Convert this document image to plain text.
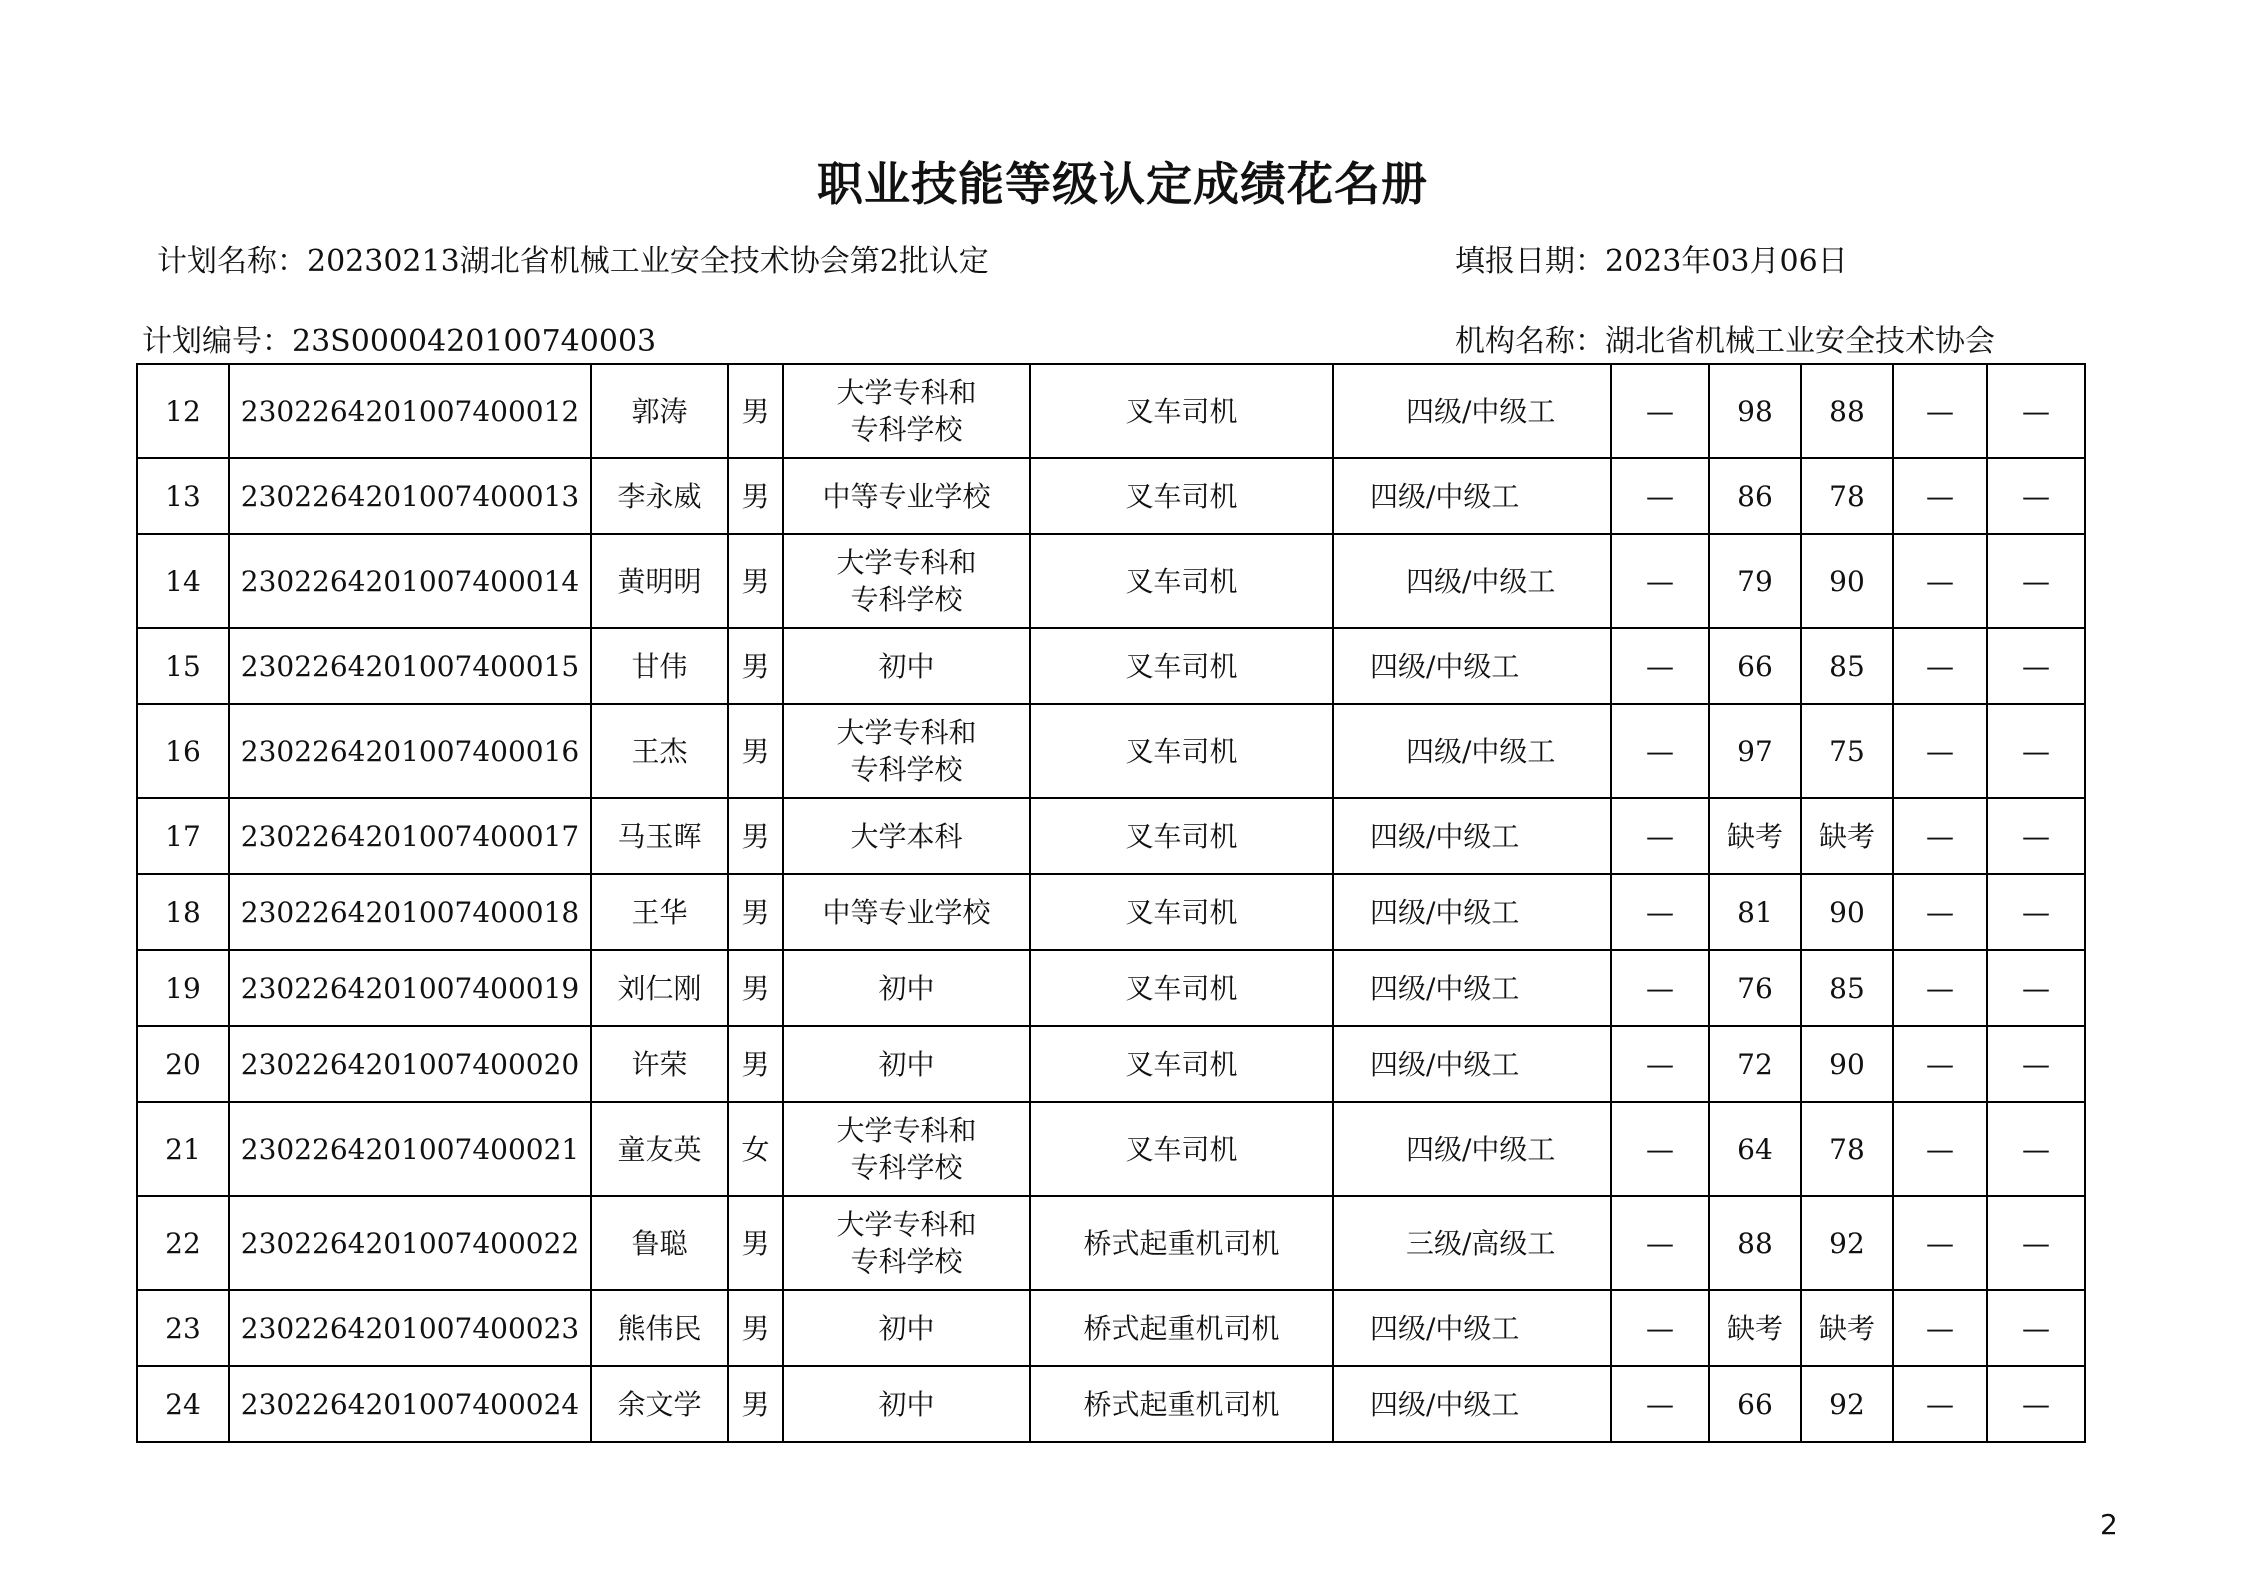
职业技能等级认定成绩花名册
计划名称：20230213湖北省机械工业安全技术协会第2批认定	填报日期：2023年03月06日
计划编号：23S0000420100740003	机构名称：湖北省机械工业安全技术协会
12	2302264201007400012	郭涛	男	大学专科和
专科学校	叉车司机	四级/中级工	—	98	88	—	—
13	2302264201007400013	李永威	男	中等专业学校	叉车司机	四级/中级工	—	86	78	—	—
14	2302264201007400014	黄明明	男	大学专科和
专科学校	叉车司机	四级/中级工	—	79	90	—	—
15	2302264201007400015	甘伟	男	初中	叉车司机	四级/中级工	—	66	85	—	—
16	2302264201007400016	王杰	男	大学专科和
专科学校	叉车司机	四级/中级工	—	97	75	—	—
17	2302264201007400017	马玉晖	男	大学本科	叉车司机	四级/中级工	—	缺考	缺考	—	—
18	2302264201007400018	王华	男	中等专业学校	叉车司机	四级/中级工	—	81	90	—	—
19	2302264201007400019	刘仁刚	男	初中	叉车司机	四级/中级工	—	76	85	—	—
20	2302264201007400020	许荣	男	初中	叉车司机	四级/中级工	—	72	90	—	—
21	2302264201007400021	童友英	女	大学专科和
专科学校	叉车司机	四级/中级工	—	64	78	—	—
22	2302264201007400022	鲁聪	男	大学专科和
专科学校	桥式起重机司机	三级/高级工	—	88	92	—	—
23	2302264201007400023	熊伟民	男	初中	桥式起重机司机	四级/中级工	—	缺考	缺考	—	—
24	2302264201007400024	余文学	男	初中	桥式起重机司机	四级/中级工	—	66	92	—	—
2
